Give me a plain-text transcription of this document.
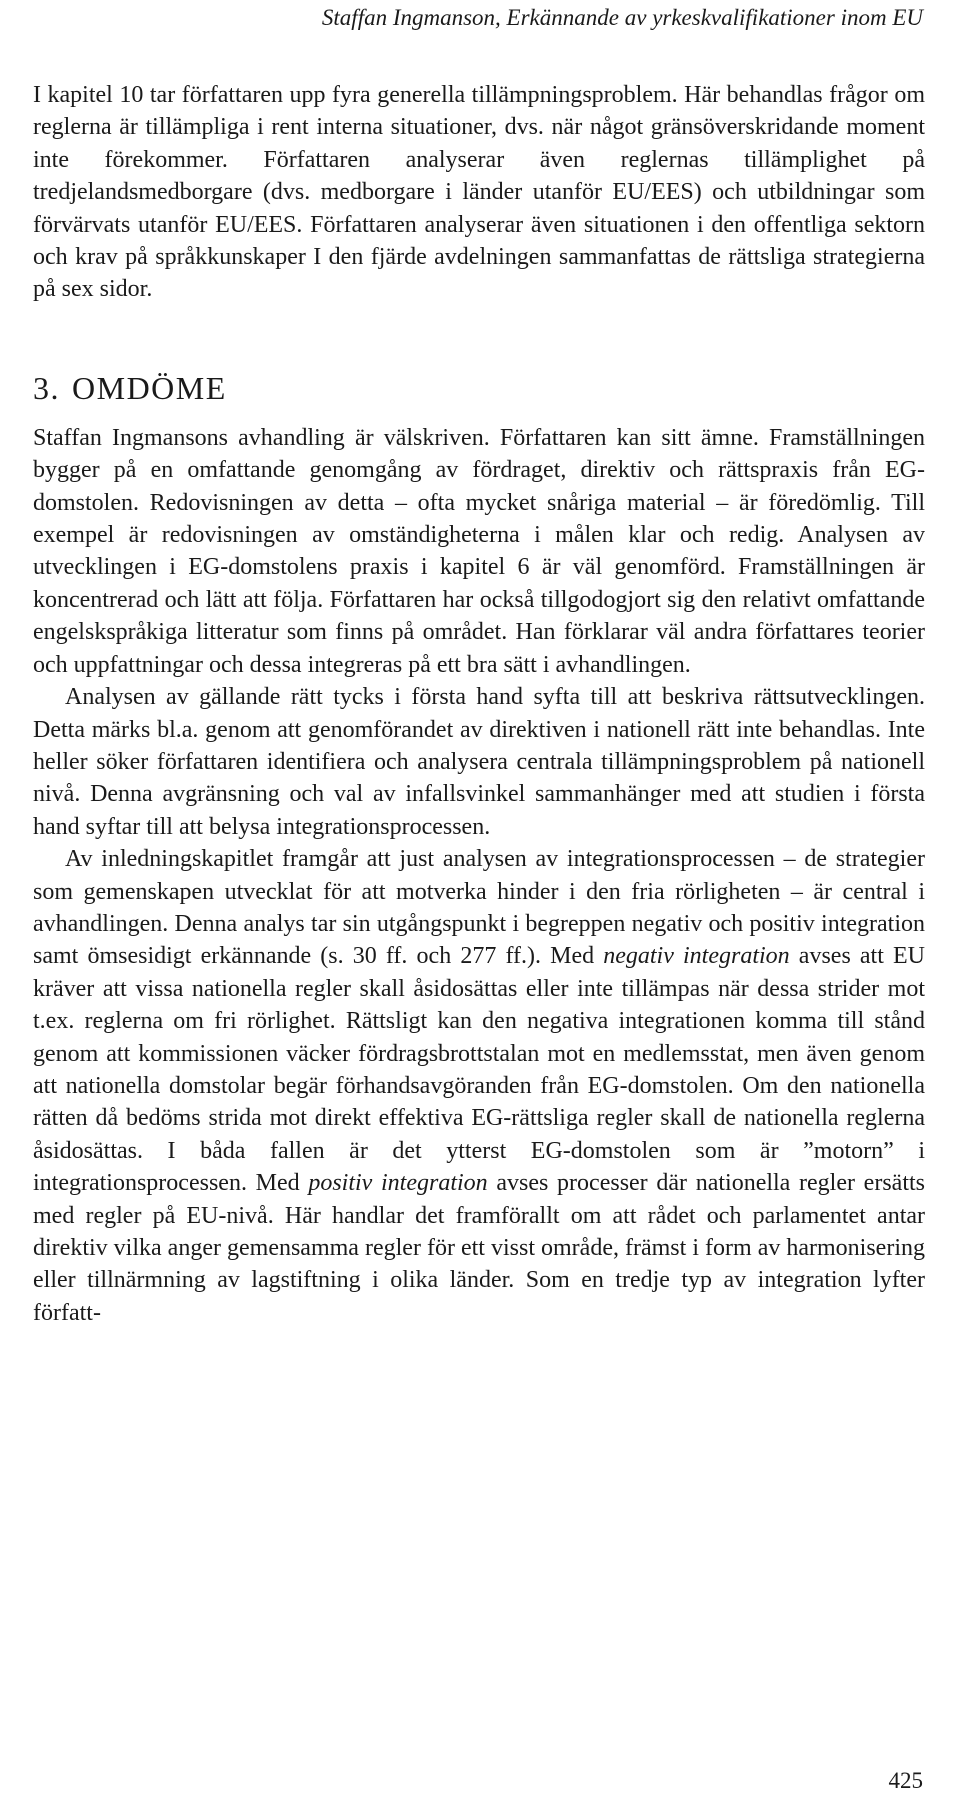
Staffan Ingmanson, Erkännande av yrkeskvalifikationer inom EU

I kapitel 10 tar författaren upp fyra generella tillämpningsproblem. Här behandlas frågor om reglerna är tillämpliga i rent interna situationer, dvs. när något gränsöverskridande moment inte förekommer. Författaren analyserar även reglernas tillämplighet på tredjelandsmedborgare (dvs. medborgare i länder utanför EU/EES) och utbildningar som förvärvats utanför EU/EES. Författaren analyserar även situationen i den offentliga sektorn och krav på språkkunskaper I den fjärde avdelningen sammanfattas de rättsliga strategierna på sex sidor.

3. OMDÖME

Staffan Ingmansons avhandling är välskriven. Författaren kan sitt ämne. Framställningen bygger på en omfattande genomgång av fördraget, direktiv och rättspraxis från EG-domstolen. Redovisningen av detta – ofta mycket snåriga material – är föredömlig. Till exempel är redovisningen av omständigheterna i målen klar och redig. Analysen av utvecklingen i EG-domstolens praxis i kapitel 6 är väl genomförd. Framställningen är koncentrerad och lätt att följa. Författaren har också tillgodogjort sig den relativt omfattande engelskspråkiga litteratur som finns på området. Han förklarar väl andra författares teorier och uppfattningar och dessa integreras på ett bra sätt i avhandlingen.

Analysen av gällande rätt tycks i första hand syfta till att beskriva rättsutvecklingen. Detta märks bl.a. genom att genomförandet av direktiven i nationell rätt inte behandlas. Inte heller söker författaren identifiera och analysera centrala tillämpningsproblem på nationell nivå. Denna avgränsning och val av infallsvinkel sammanhänger med att studien i första hand syftar till att belysa integrationsprocessen.

Av inledningskapitlet framgår att just analysen av integrationsprocessen – de strategier som gemenskapen utvecklat för att motverka hinder i den fria rörligheten – är central i avhandlingen. Denna analys tar sin utgångspunkt i begreppen negativ och positiv integration samt ömsesidigt erkännande (s. 30 ff. och 277 ff.). Med negativ integration avses att EU kräver att vissa nationella regler skall åsidosättas eller inte tillämpas när dessa strider mot t.ex. reglerna om fri rörlighet. Rättsligt kan den negativa integrationen komma till stånd genom att kommissionen väcker fördragsbrottstalan mot en medlemsstat, men även genom att nationella domstolar begär förhandsavgöranden från EG-domstolen. Om den nationella rätten då bedöms strida mot direkt effektiva EG-rättsliga regler skall de nationella reglerna åsidosättas. I båda fallen är det ytterst EG-domstolen som är ”motorn” i integrationsprocessen. Med positiv integration avses processer där nationella regler ersätts med regler på EU-nivå. Här handlar det framförallt om att rådet och parlamentet antar direktiv vilka anger gemensamma regler för ett visst område, främst i form av harmonisering eller tillnärmning av lagstiftning i olika länder. Som en tredje typ av integration lyfter författ-

425
